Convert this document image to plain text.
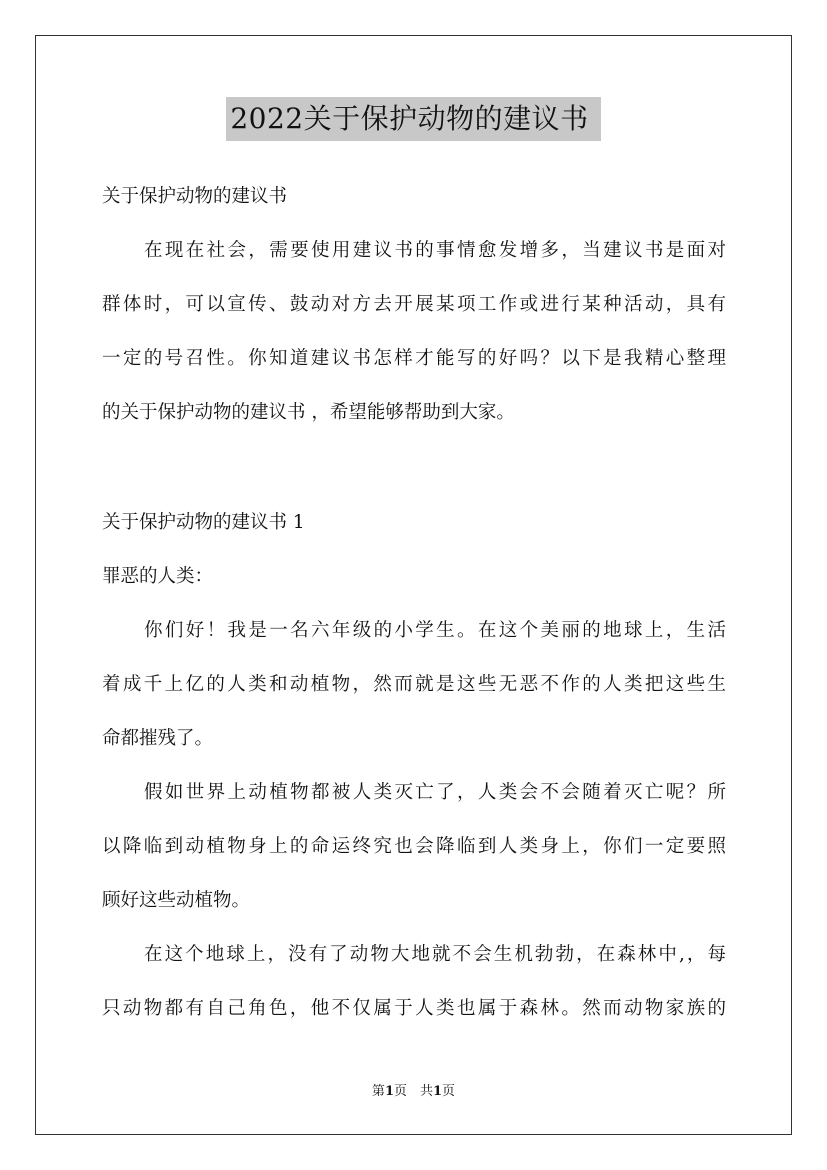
2022关于保护动物的建议书
关于保护动物的建议书
在现在社会，需要使用建议书的事情愈发增多，当建议书是面对
群体时，可以宣传、鼓动对方去开展某项工作或进行某种活动，具有
一定的号召性。你知道建议书怎样才能写的好吗？以下是我精心整理
的关于保护动物的建议书 ，希望能够帮助到大家。
关于保护动物的建议书 1
罪恶的人类：
你们好！我是一名六年级的小学生。在这个美丽的地球上，生活
着成千上亿的人类和动植物，然而就是这些无恶不作的人类把这些生
命都摧残了。
假如世界上动植物都被人类灭亡了，人类会不会随着灭亡呢？所
以降临到动植物身上的命运终究也会降临到人类身上，你们一定要照
顾好这些动植物。
在这个地球上，没有了动物大地就不会生机勃勃，在森林中,，每
只动物都有自己角色，他不仅属于人类也属于森林。然而动物家族的
第1页　共1页
